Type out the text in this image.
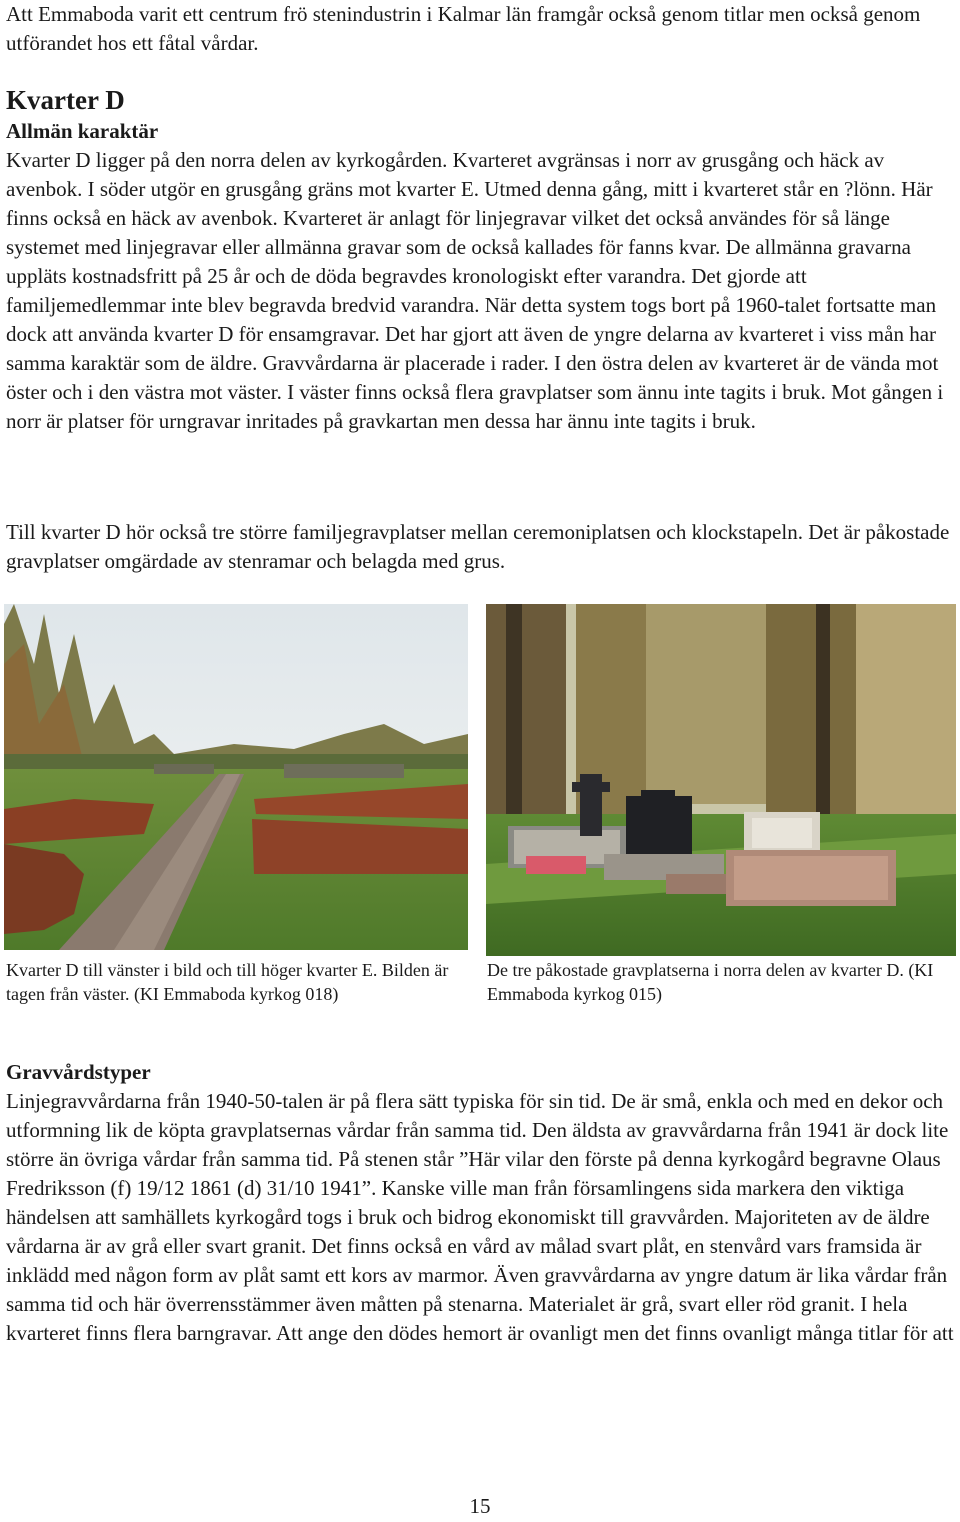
Att Emmaboda varit ett centrum frö stenindustrin i Kalmar län framgår också genom titlar men också genom utförandet hos ett fåtal vårdar.

Kvarter D
Allmän karaktär

Kvarter D ligger på den norra delen av kyrkogården. Kvarteret avgränsas i norr av grusgång och häck av avenbok. I söder utgör en grusgång gräns mot kvarter E. Utmed denna gång, mitt i kvarteret står en ?lönn. Här finns också en häck av avenbok. Kvarteret är anlagt för linjegravar vilket det också användes för så länge systemet med linjegravar eller allmänna gravar som de också kallades för fanns kvar. De allmänna gravarna uppläts kostnadsfritt på 25 år och de döda begravdes kronologiskt efter varandra. Det gjorde att familjemedlemmar inte blev begravda bredvid varandra. När detta system togs bort på 1960-talet fortsatte man dock att använda kvarter D för ensamgravar. Det har gjort att även de yngre delarna av kvarteret i viss mån har samma karaktär som de äldre. Gravvårdarna är placerade i rader. I den östra delen av kvarteret är de vända mot öster och i den västra mot väster. I väster finns också flera gravplatser som ännu inte tagits i bruk. Mot gången i norr är platser för urngravar inritades på gravkartan men dessa har ännu inte tagits i bruk.

Till kvarter D hör också tre större familjegravplatser mellan ceremoniplatsen och klockstapeln. Det är påkostade gravplatser omgärdade av stenramar och belagda med grus.

Kvarter D till vänster i bild och till höger kvarter E. Bilden är tagen från väster. (KI Emmaboda kyrkog 018)

De tre påkostade gravplatserna i norra delen av kvarter D. (KI Emmaboda kyrkog 015)

Gravvårdstyper

Linjegravvårdarna från 1940-50-talen är på flera sätt typiska för sin tid. De är små, enkla och med en dekor och utformning lik de köpta gravplatsernas vårdar från samma tid. Den äldsta av gravvårdarna från 1941 är dock lite större än övriga vårdar från samma tid. På stenen står ”Här vilar den förste på denna kyrkogård begravne Olaus Fredriksson (f) 19/12 1861 (d) 31/10 1941”. Kanske ville man från församlingens sida markera den viktiga händelsen att samhällets kyrkogård togs i bruk och bidrog ekonomiskt till gravvården. Majoriteten av de äldre vårdarna är av grå eller svart granit. Det finns också en vård av målad svart plåt, en stenvård vars framsida är inklädd med någon form av plåt samt ett kors av marmor. Även gravvårdarna av yngre datum är lika vårdar från samma tid och här överrensstämmer även måtten på stenarna. Materialet är grå, svart eller röd granit. I hela kvarteret finns flera barngravar. Att ange den dödes hemort är ovanligt men det finns ovanligt många titlar för att

15
